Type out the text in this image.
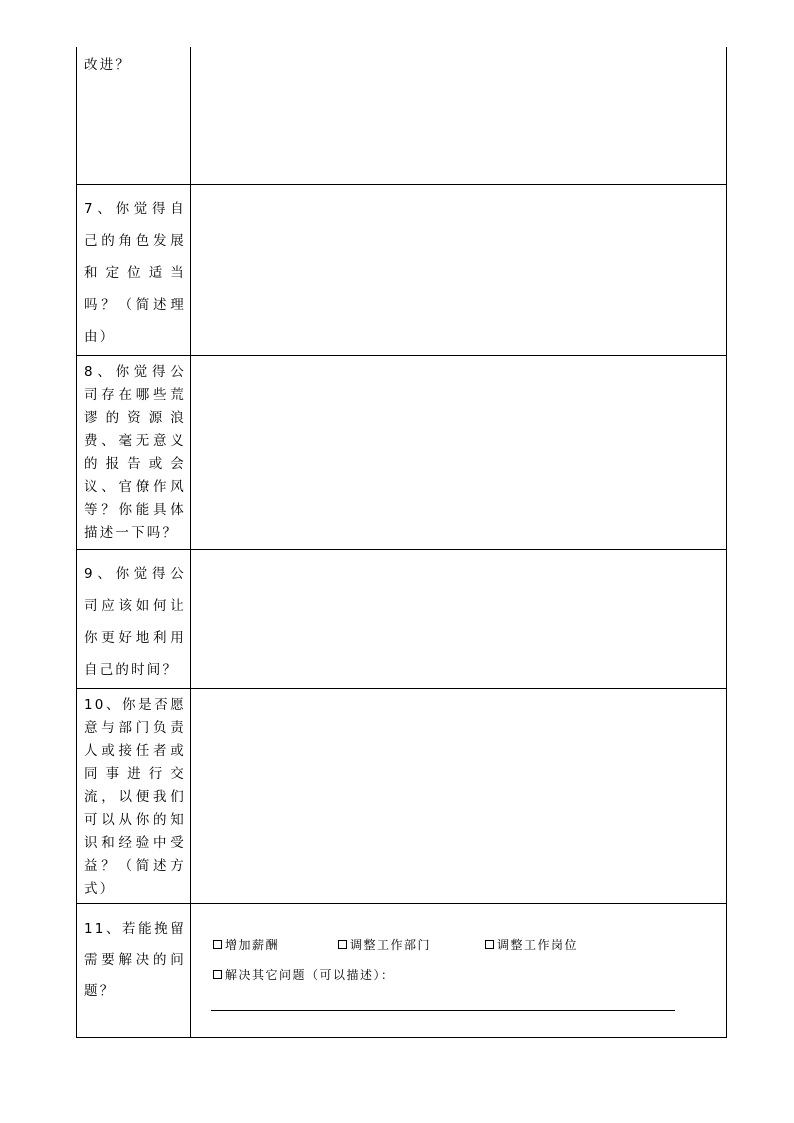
改进？	

7、你觉得自己的角色发展和定位适当吗？（简述理由）	

8、你觉得公司存在哪些荒谬的资源浪费、毫无意义的报告或会议、官僚作风等？你能具体描述一下吗？	

9、你觉得公司应该如何让你更好地利用自己的时间？	

10、你是否愿意与部门负责人或接任者或同事进行交流，以便我们可以从你的知识和经验中受益？（简述方式）	

11、若能挽留需要解决的问题？	增加薪酬 调整工作部门 调整工作岗位
解决其它问题（可以描述）：
